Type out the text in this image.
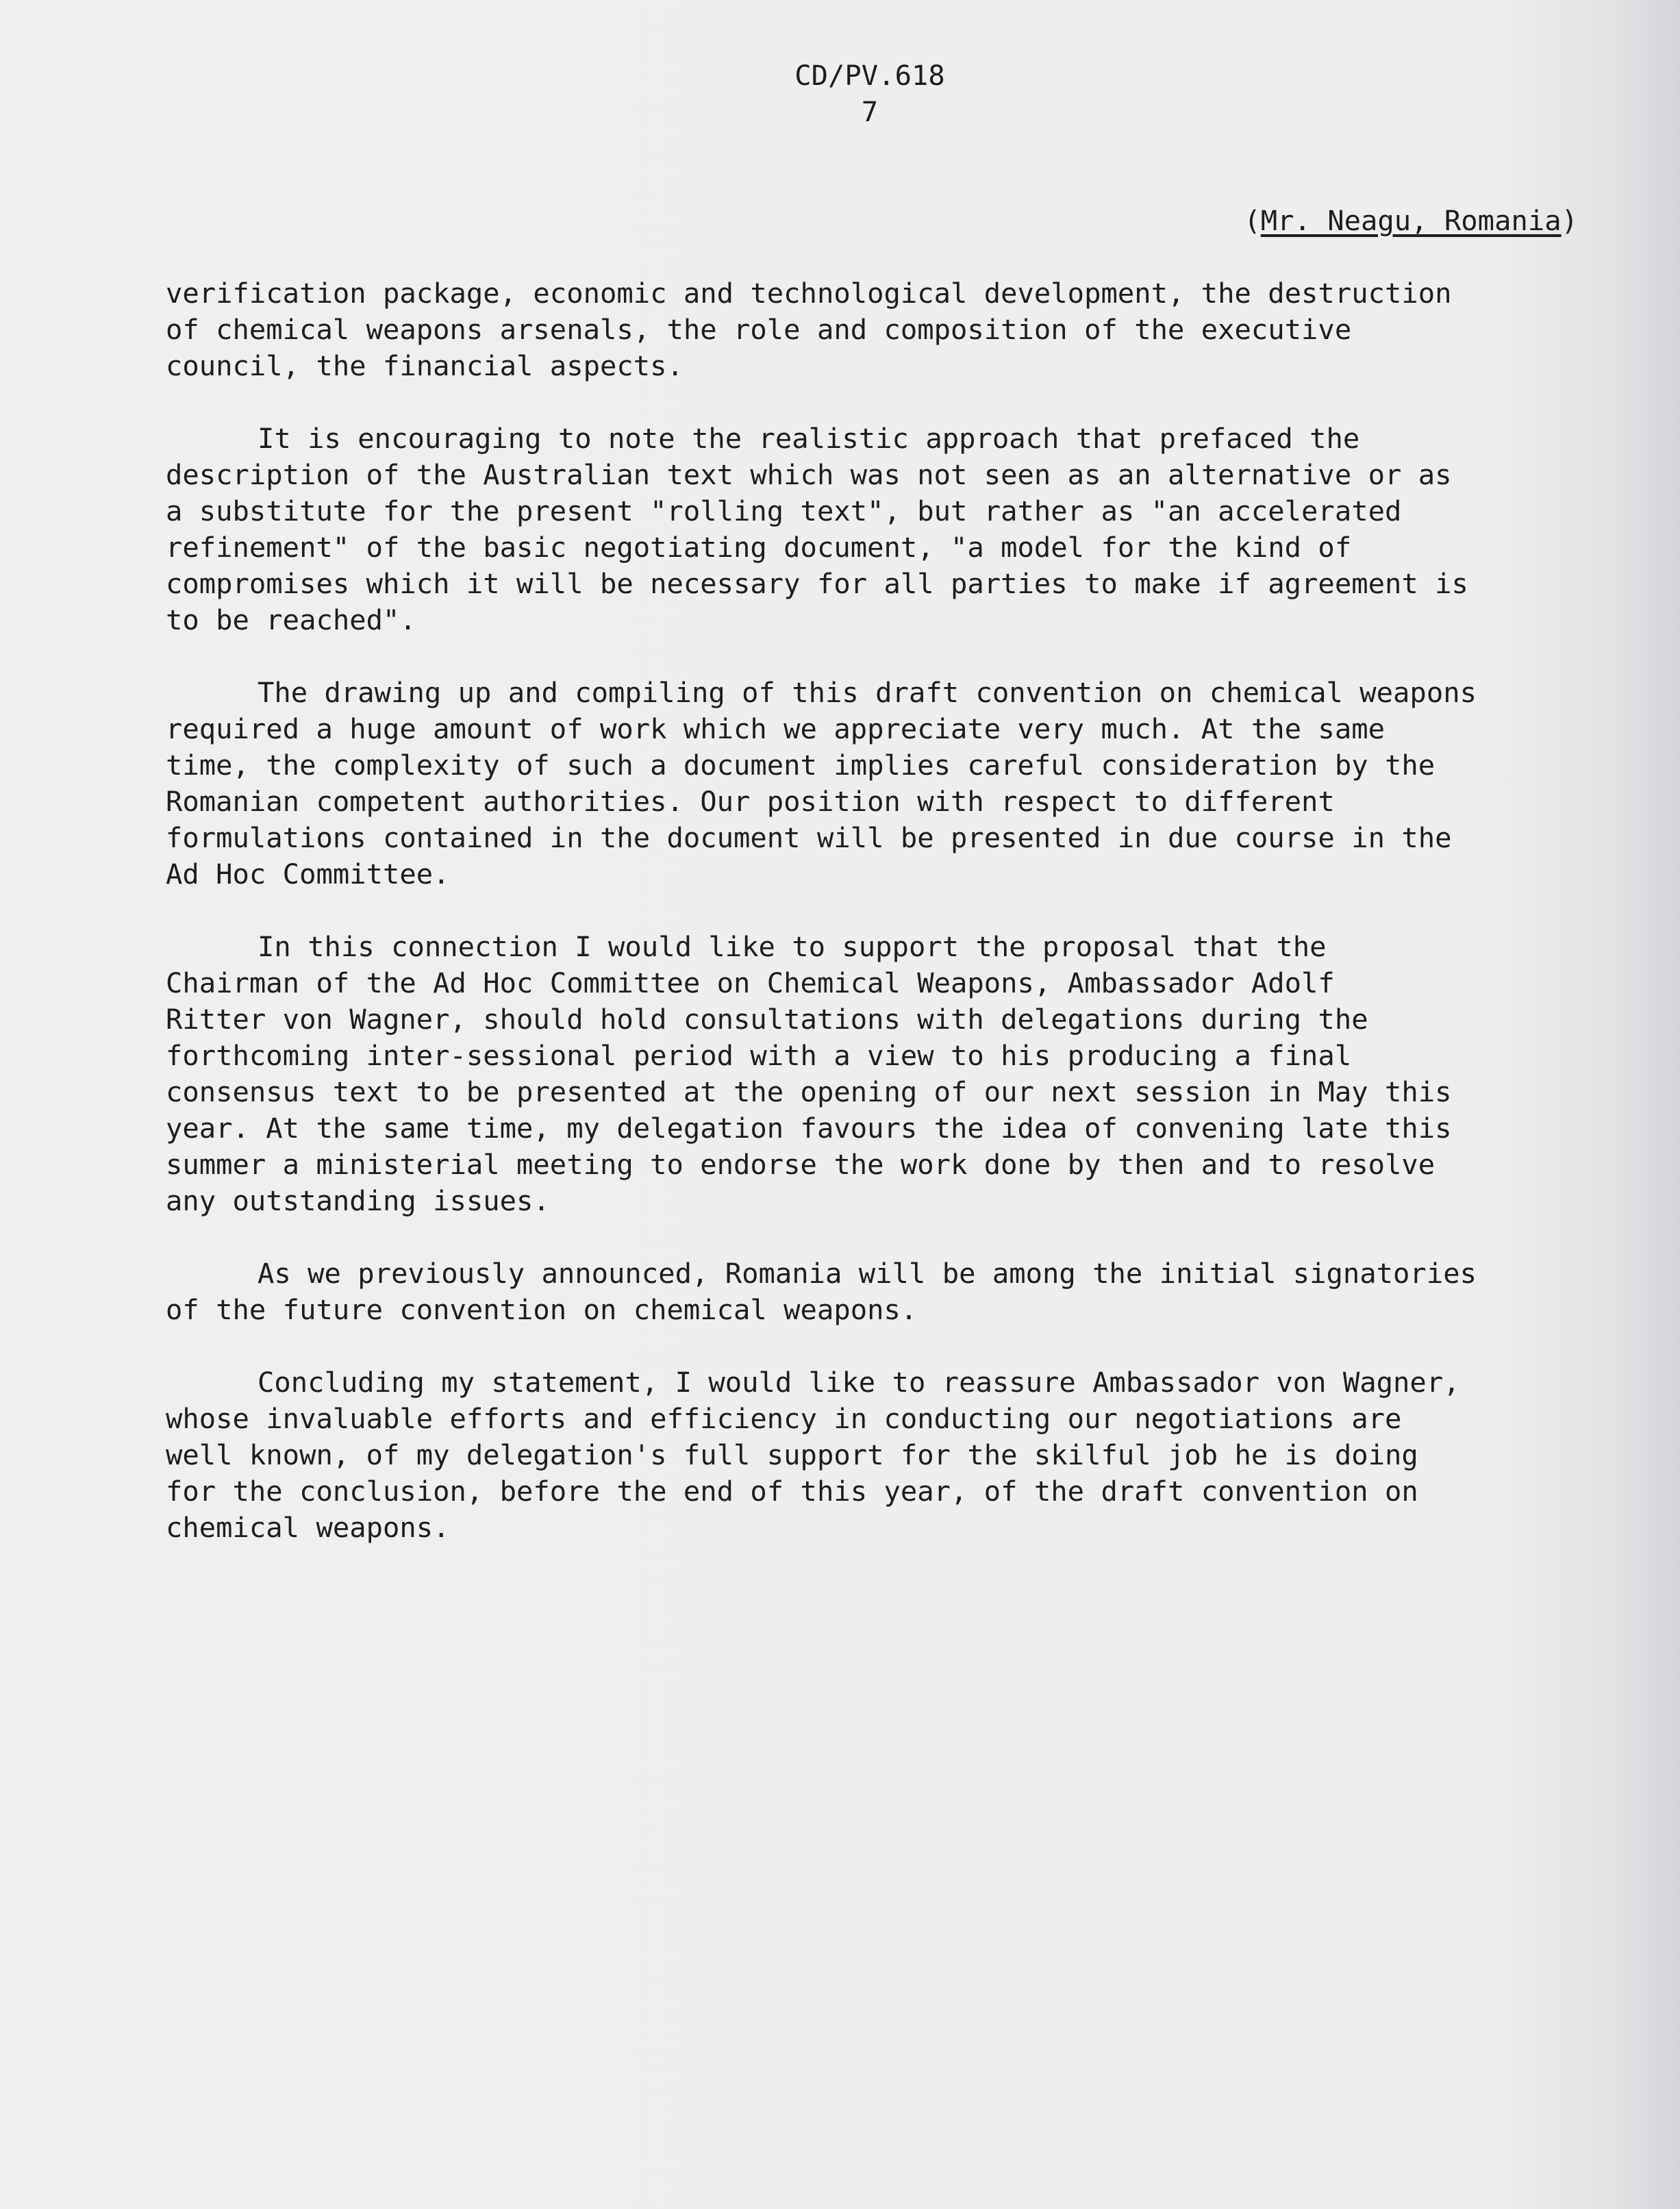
CD/PV.618
7
(Mr. Neagu, Romania)

verification package, economic and technological development, the destruction
of chemical weapons arsenals, the role and composition of the executive
council, the financial aspects.

It is encouraging to note the realistic approach that prefaced the
description of the Australian text which was not seen as an alternative or as
a substitute for the present "rolling text", but rather as "an accelerated
refinement" of the basic negotiating document, "a model for the kind of
compromises which it will be necessary for all parties to make if agreement is
to be reached".

The drawing up and compiling of this draft convention on chemical weapons
required a huge amount of work which we appreciate very much. At the same
time, the complexity of such a document implies careful consideration by the
Romanian competent authorities. Our position with respect to different
formulations contained in the document will be presented in due course in the
Ad Hoc Committee.

In this connection I would like to support the proposal that the
Chairman of the Ad Hoc Committee on Chemical Weapons, Ambassador Adolf
Ritter von Wagner, should hold consultations with delegations during the
forthcoming inter-sessional period with a view to his producing a final
consensus text to be presented at the opening of our next session in May this
year. At the same time, my delegation favours the idea of convening late this
summer a ministerial meeting to endorse the work done by then and to resolve
any outstanding issues.

As we previously announced, Romania will be among the initial signatories
of the future convention on chemical weapons.

Concluding my statement, I would like to reassure Ambassador von Wagner,
whose invaluable efforts and efficiency in conducting our negotiations are
well known, of my delegation's full support for the skilful job he is doing
for the conclusion, before the end of this year, of the draft convention on
chemical weapons.
